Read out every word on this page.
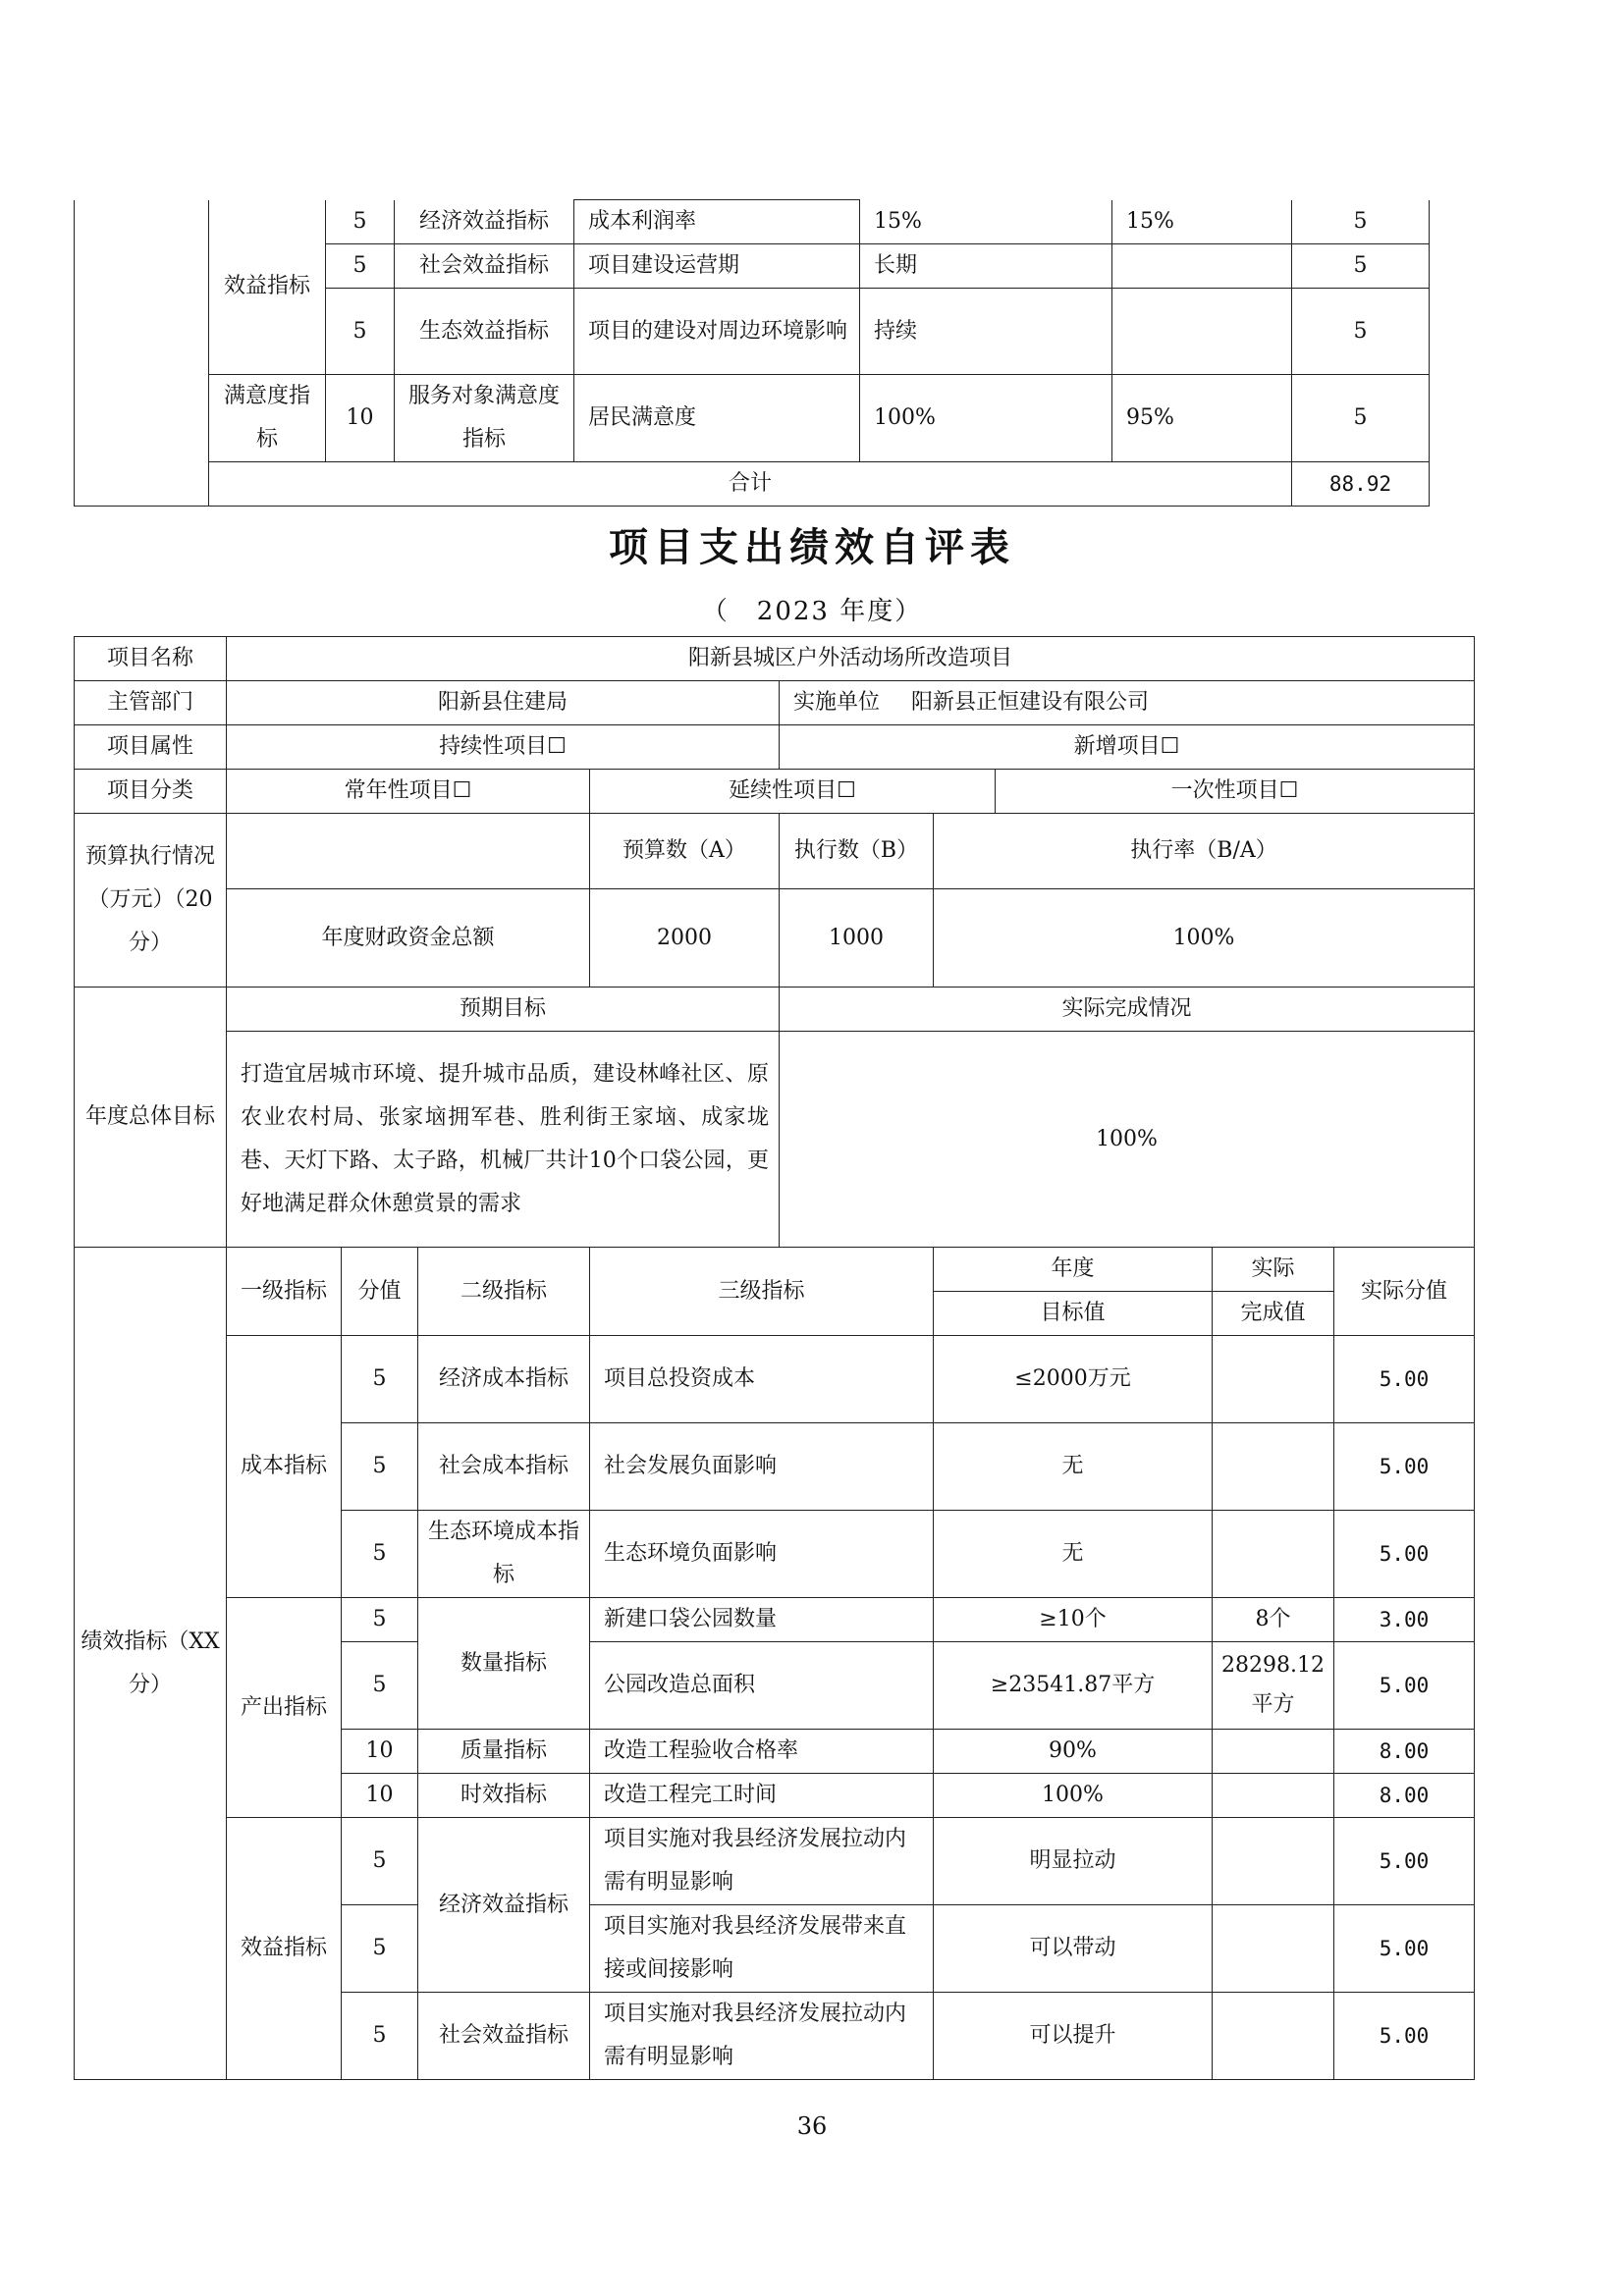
	效益指标	5	经济效益指标	成本利润率	15%	15%	5
		5	社会效益指标	项目建设运营期	长期		5
		5	生态效益指标	项目的建设对周边环境影响	持续		5
	满意度指标	10	服务对象满意度指标	居民满意度	100%	95%	5
	合计						88.92
项目支出绩效自评表
（　2023 年度）
项目名称	阳新县城区户外活动场所改造项目								
主管部门	阳新县住建局				实施单位 阳新县正恒建设有限公司				
项目属性	持续性项目☐				新增项目☐				
项目分类	常年性项目☐			延续性项目☐			一次性项目☐		
预算执行情况（万元）（20分）				预算数（A）	执行数（B）	执行率（B/A）			
	年度财政资金总额			2000	1000	100%			
年度总体目标	预期目标				实际完成情况				
	打造宜居城市环境、提升城市品质，建设林峰社区、原农业农村局、张家垴拥军巷、胜利街王家垴、成家垅巷、天灯下路、太子路，机械厂共计10个口袋公园，更好地满足群众休憩赏景的需求				100%				
绩效指标（XX分）	一级指标	分值	二级指标	三级指标		年度		实际	实际分值
						目标值		完成值	
	成本指标	5	经济成本指标	项目总投资成本		≤2000万元			5.00
		5	社会成本指标	社会发展负面影响		无			5.00
		5	生态环境成本指标	生态环境负面影响		无			5.00
	产出指标	5	数量指标	新建口袋公园数量		≥10个		8个	3.00
		5		公园改造总面积		≥23541.87平方		28298.12平方	5.00
		10	质量指标	改造工程验收合格率		90%			8.00
		10	时效指标	改造工程完工时间		100%			8.00
	效益指标	5	经济效益指标	项目实施对我县经济发展拉动内需有明显影响		明显拉动			5.00
		5		项目实施对我县经济发展带来直接或间接影响		可以带动			5.00
		5	社会效益指标	项目实施对我县经济发展拉动内需有明显影响		可以提升			5.00
36
